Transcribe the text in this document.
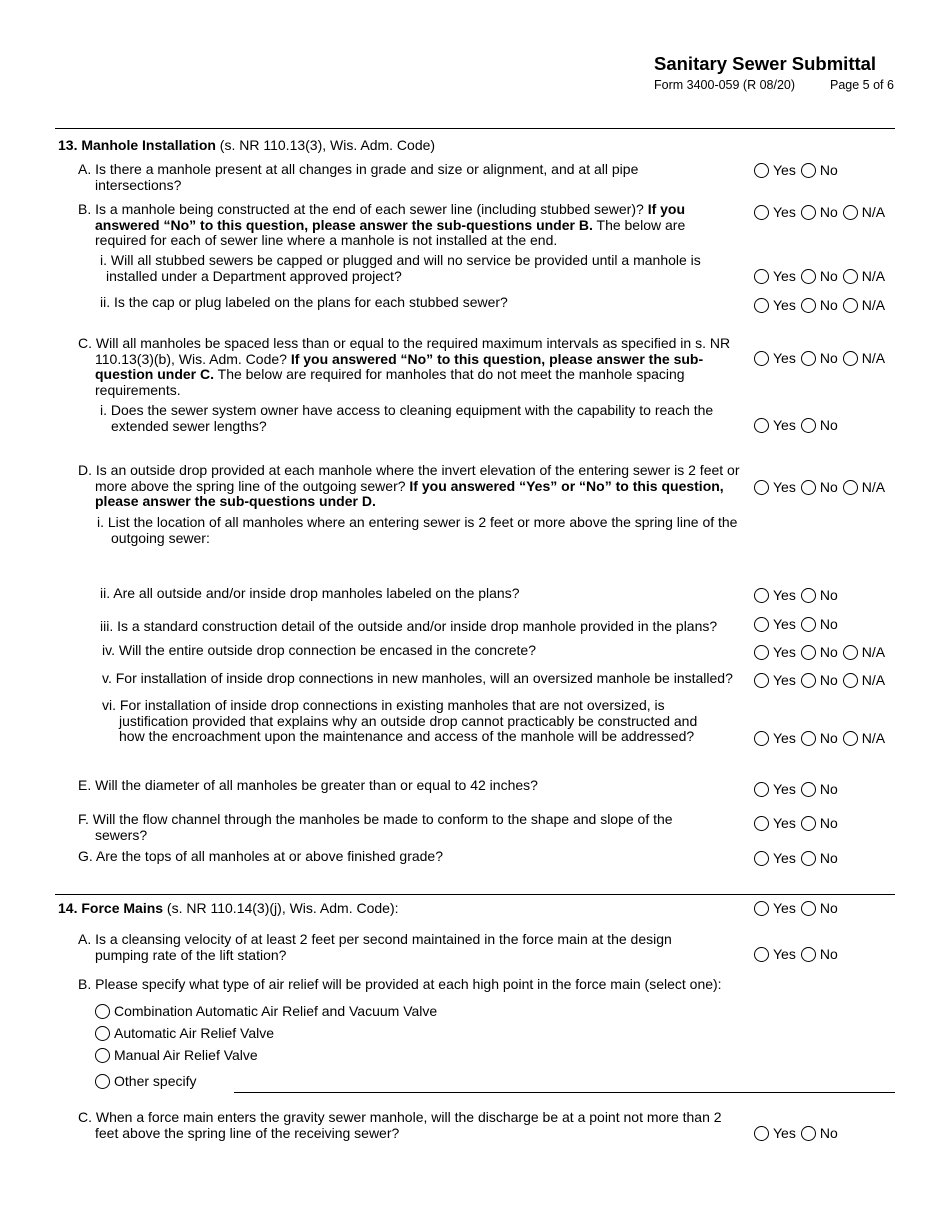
Sanitary Sewer Submittal
Form 3400-059 (R 08/20)	Page 5 of 6
13. Manhole Installation (s. NR 110.13(3), Wis. Adm. Code)
A. Is there a manhole present at all changes in grade and size or alignment, and at all pipe
intersections?
Yes No
B. Is a manhole being constructed at the end of each sewer line (including stubbed sewer)? If you answered “No” to this question, please answer the sub-questions under B. The below are required for each of sewer line where a manhole is not installed at the end.
Yes No N/A
i. Will all stubbed sewers be capped or plugged and will no service be provided until a manhole is installed under a Department approved project?	Yes No N/A
ii. Is the cap or plug labeled on the plans for each stubbed sewer?	Yes No N/A
C. Will all manholes be spaced less than or equal to the required maximum intervals as specified in s. NR 110.13(3)(b), Wis. Adm. Code? If you answered “No” to this question, please answer the sub-question under C. The below are required for manholes that do not meet the manhole spacing requirements.
Yes No N/A
i. Does the sewer system owner have access to cleaning equipment with the capability to reach the extended sewer lengths?	Yes No
D. Is an outside drop provided at each manhole where the invert elevation of the entering sewer is 2 feet or more above the spring line of the outgoing sewer? If you answered “Yes” or “No” to this question, please answer the sub-questions under D.
Yes No N/A
i. List the location of all manholes where an entering sewer is 2 feet or more above the spring line of the outgoing sewer:
ii. Are all outside and/or inside drop manholes labeled on the plans?	Yes No
iii. Is a standard construction detail of the outside and/or inside drop manhole provided in the plans?	Yes No
iv. Will the entire outside drop connection be encased in the concrete?	Yes No N/A
v. For installation of inside drop connections in new manholes, will an oversized manhole be installed?	Yes No N/A
vi. For installation of inside drop connections in existing manholes that are not oversized, is justification provided that explains why an outside drop cannot practicably be constructed and how the encroachment upon the maintenance and access of the manhole will be addressed?	Yes No N/A
E. Will the diameter of all manholes be greater than or equal to 42 inches?	Yes No
F. Will the flow channel through the manholes be made to conform to the shape and slope of the sewers?
Yes No
G. Are the tops of all manholes at or above finished grade?	Yes No
14. Force Mains (s. NR 110.14(3)(j), Wis. Adm. Code):	Yes No
A. Is a cleansing velocity of at least 2 feet per second maintained in the force main at the design pumping rate of the lift station?	Yes No
B. Please specify what type of air relief will be provided at each high point in the force main (select one):
Combination Automatic Air Relief and Vacuum Valve
Automatic Air Relief Valve
Manual Air Relief Valve
Other specify
C. When a force main enters the gravity sewer manhole, will the discharge be at a point not more than 2 feet above the spring line of the receiving sewer?	Yes No
